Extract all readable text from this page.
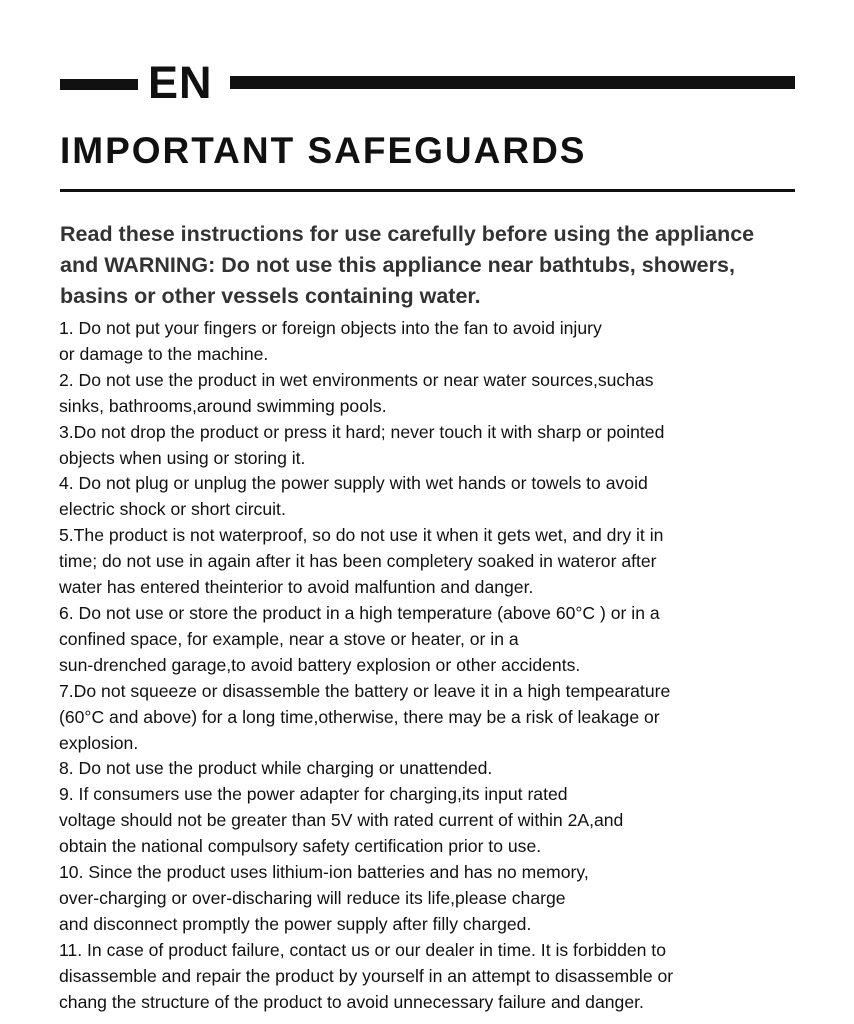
EN
IMPORTANT SAFEGUARDS

Read these instructions for use carefully before using the appliance
and WARNING: Do not use this appliance near bathtubs, showers,
basins or other vessels containing water.

1. Do not put your fingers or foreign objects into the fan to avoid injury
or damage to the machine.
2. Do not use the product in wet environments or near water sources,suchas
sinks, bathrooms,around swimming pools.
3.Do not drop the product or press it hard; never touch it with sharp or pointed
objects when using or storing it.
4. Do not plug or unplug the power supply with wet hands or towels to avoid
electric shock or short circuit.
5.The product is not waterproof, so do not use it when it gets wet, and dry it in
time; do not use in again after it has been completery soaked in wateror after
water has entered theinterior to avoid malfuntion and danger.
6. Do not use or store the product in a high temperature (above 60°C ) or in a
confined space, for example, near a stove or heater, or in a
sun-drenched garage,to avoid battery explosion or other accidents.
7.Do not squeeze or disassemble the battery or leave it in a high tempearature
(60°C and above) for a long time,otherwise, there may be a risk of leakage or
explosion.
8. Do not use the product while charging or unattended.
9. If consumers use the power adapter for charging,its input rated
voltage should not be greater than 5V with rated current of within 2A,and
obtain the national compulsory safety certification prior to use.
10. Since the product uses lithium-ion batteries and has no memory,
over-charging or over-discharing will reduce its life,please charge
and disconnect promptly the power supply after filly charged.
11. In case of product failure, contact us or our dealer in time. It is forbidden to
disassemble and repair the product by yourself in an attempt to disassemble or
chang the structure of the product to avoid unnecessary failure and danger.
